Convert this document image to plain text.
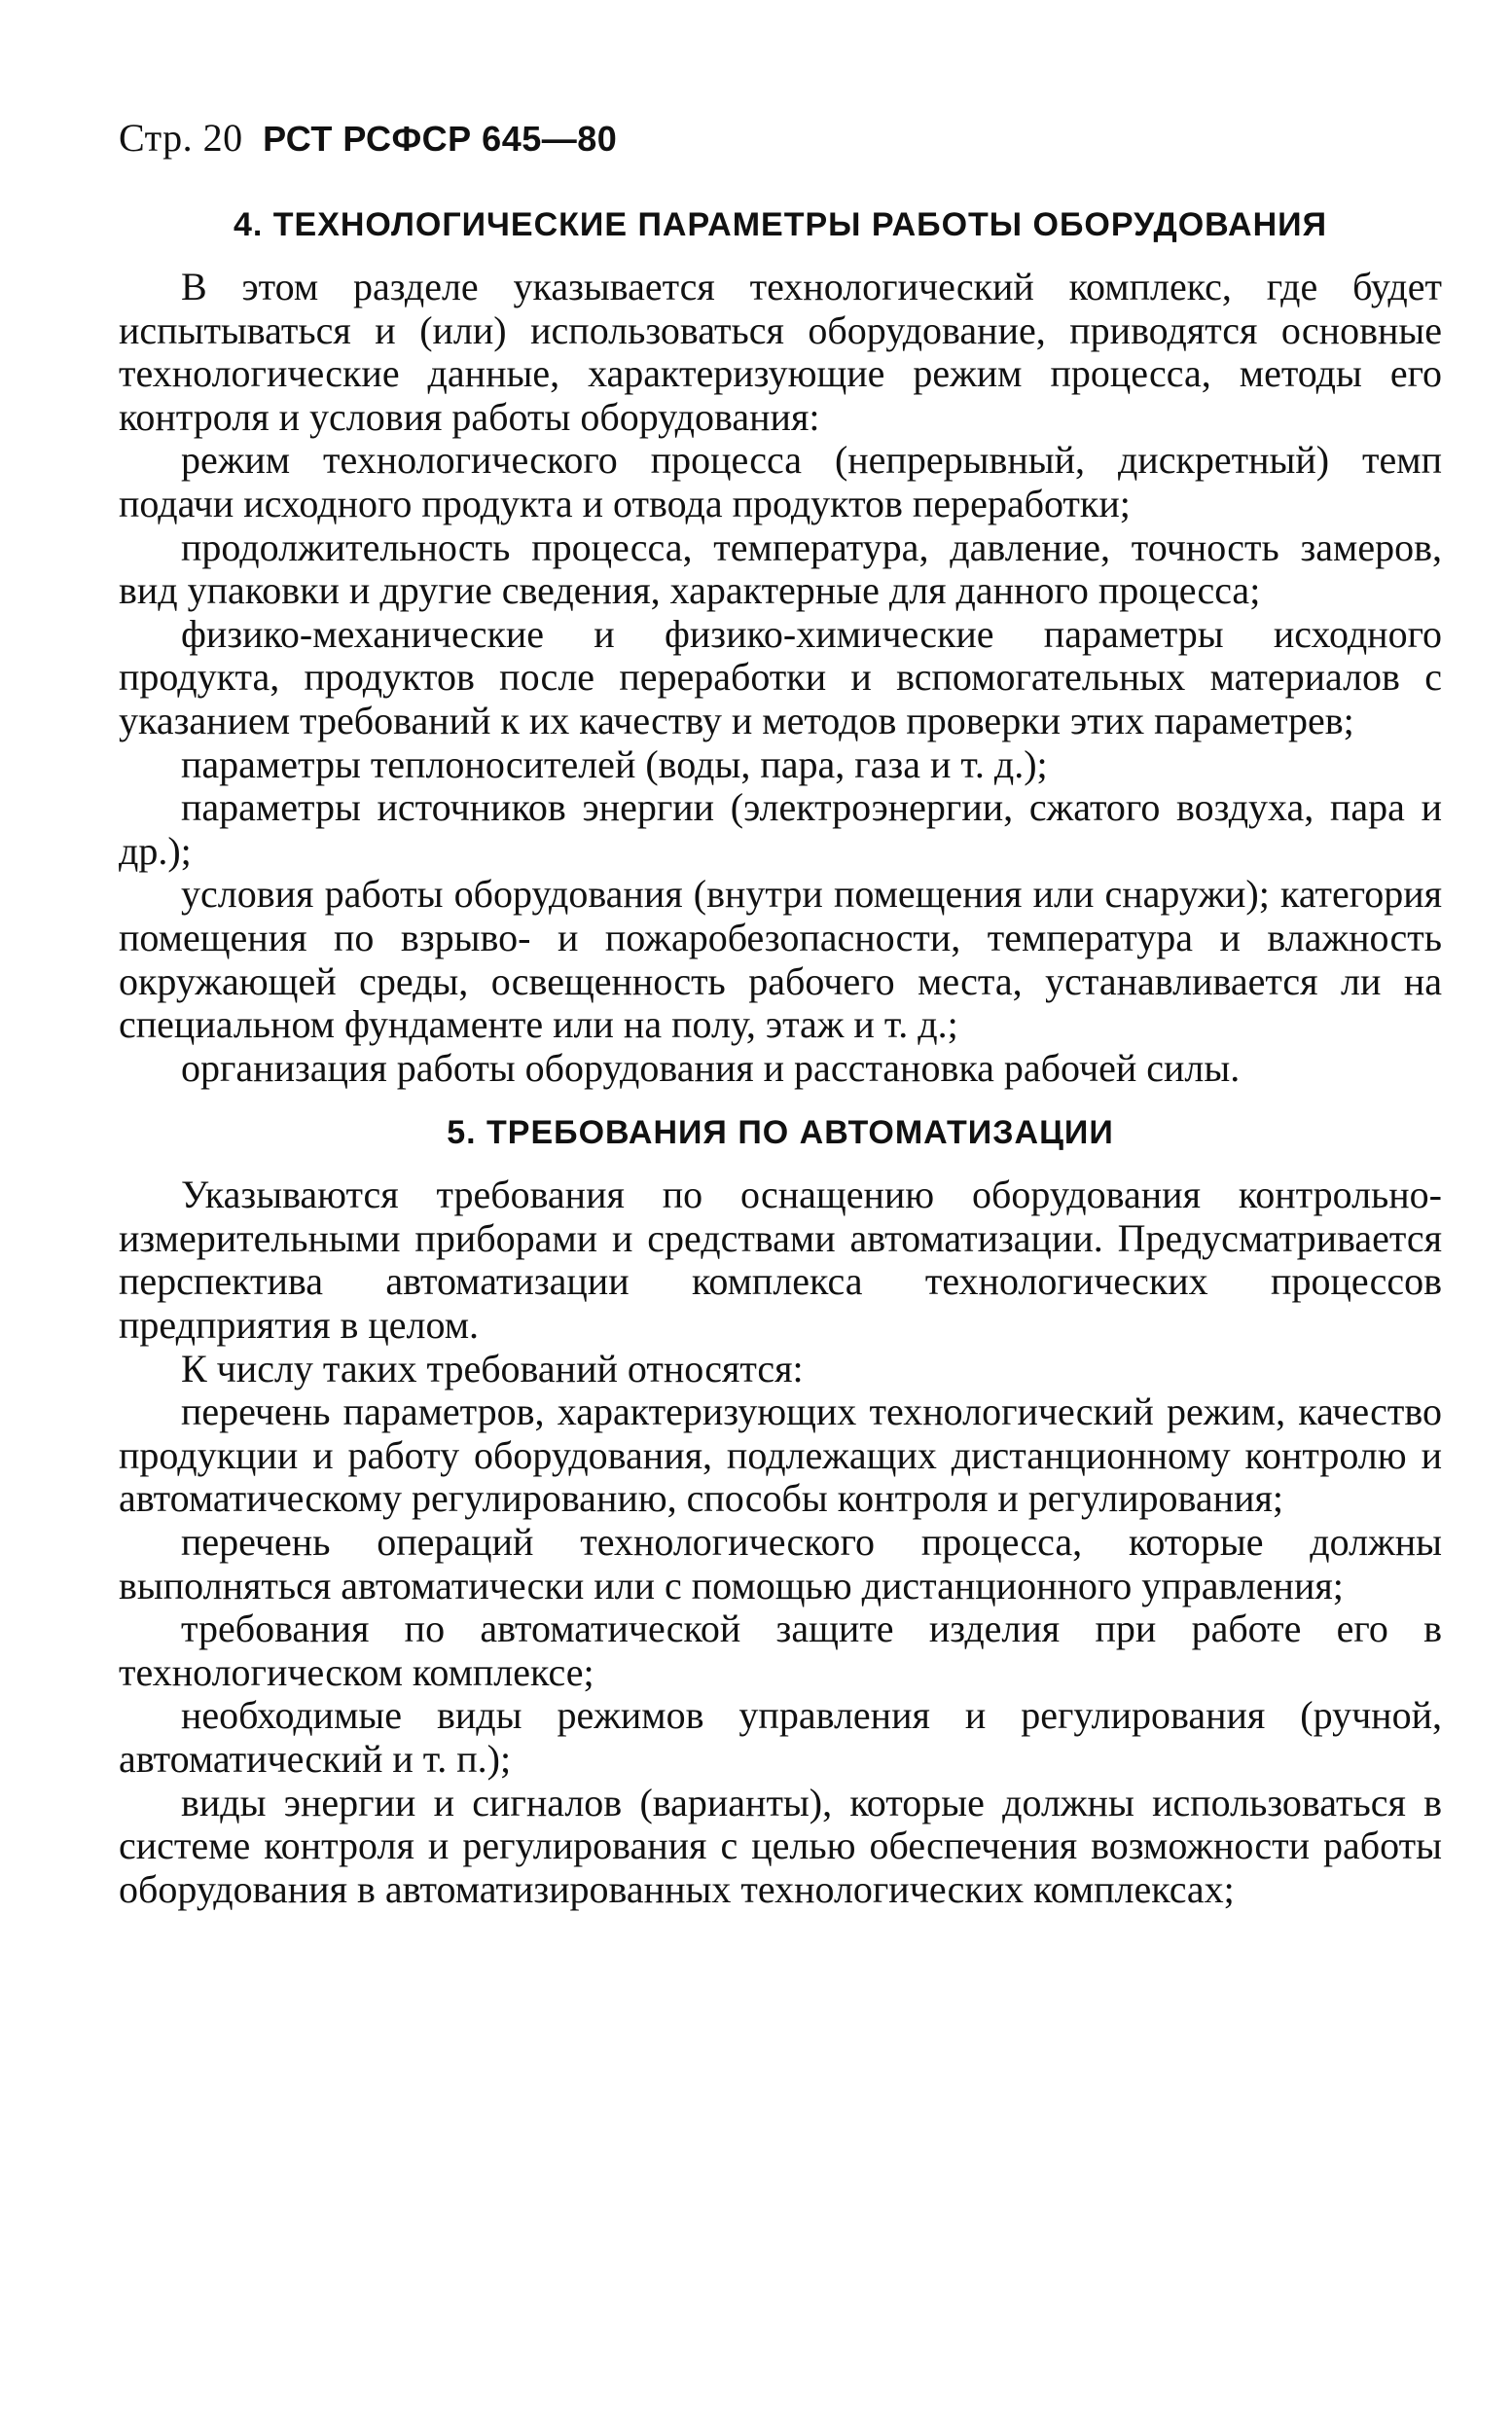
Стр. 20 РСТ РСФСР 645—80
4. ТЕХНОЛОГИЧЕСКИЕ ПАРАМЕТРЫ РАБОТЫ ОБОРУДОВАНИЯ

В этом разделе указывается технологический комплекс, где будет испытываться и (или) использоваться оборудование, приводятся основные технологические данные, характеризующие режим процесса, методы его контроля и условия работы оборудования:

режим технологического процесса (непрерывный, дискретный) темп подачи исходного продукта и отвода продуктов переработки;

продолжительность процесса, температура, давление, точность замеров, вид упаковки и другие сведения, характерные для данного процесса;

физико-механические и физико-химические параметры исходного продукта, продуктов после переработки и вспомогательных материалов с указанием требований к их качеству и методов проверки этих параметрев;

параметры теплоносителей (воды, пара, газа и т. д.);

параметры источников энергии (электроэнергии, сжатого воздуха, пара и др.);

условия работы оборудования (внутри помещения или снаружи); категория помещения по взрыво- и пожаробезопасности, температура и влажность окружающей среды, освещенность рабочего места, устанавливается ли на специальном фундаменте или на полу, этаж и т. д.;

организация работы оборудования и расстановка рабочей силы.

5. ТРЕБОВАНИЯ ПО АВТОМАТИЗАЦИИ

Указываются требования по оснащению оборудования контрольно-измерительными приборами и средствами автоматизации. Предусматривается перспектива автоматизации комплекса технологических процессов предприятия в целом.

К числу таких требований относятся:

перечень параметров, характеризующих технологический режим, качество продукции и работу оборудования, подлежащих дистанционному контролю и автоматическому регулированию, способы контроля и регулирования;

перечень операций технологического процесса, которые должны выполняться автоматически или с помощью дистанционного управления;

требования по автоматической защите изделия при работе его в технологическом комплексе;

необходимые виды режимов управления и регулирования (ручной, автоматический и т. п.);

виды энергии и сигналов (варианты), которые должны использоваться в системе контроля и регулирования с целью обеспечения возможности работы оборудования в автоматизированных технологических комплексах;
